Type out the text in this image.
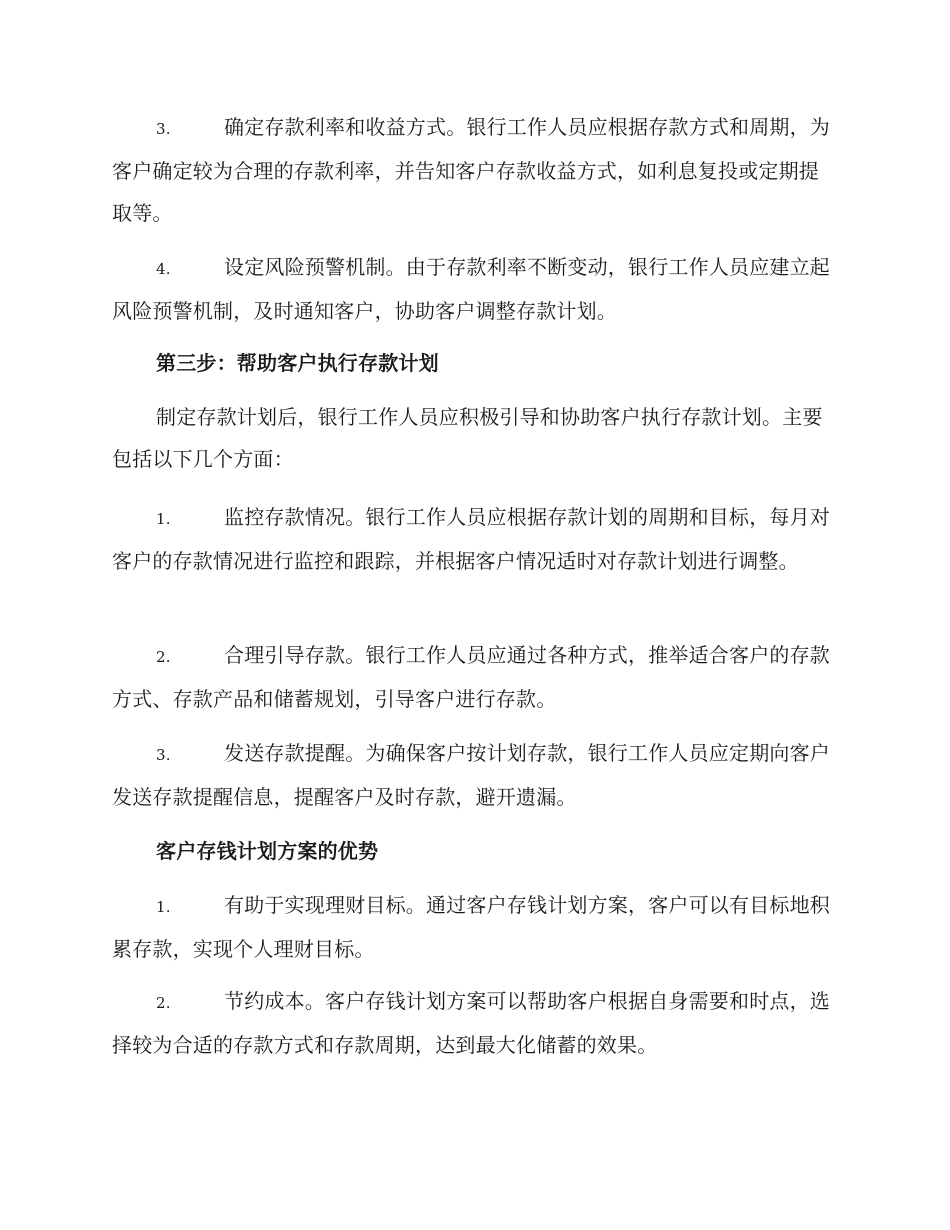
3.	确定存款利率和收益方式。银行工作人员应根据存款方式和周期，为客户确定较为合理的存款利率，并告知客户存款收益方式，如利息复投或定期提取等。
4.	设定风险预警机制。由于存款利率不断变动，银行工作人员应建立起风险预警机制，及时通知客户，协助客户调整存款计划。
第三步：帮助客户执行存款计划
制定存款计划后，银行工作人员应积极引导和协助客户执行存款计划。主要包括以下几个方面：
1.	监控存款情况。银行工作人员应根据存款计划的周期和目标，每月对客户的存款情况进行监控和跟踪，并根据客户情况适时对存款计划进行调整。
2.	合理引导存款。银行工作人员应通过各种方式，推举适合客户的存款方式、存款产品和储蓄规划，引导客户进行存款。
3.	发送存款提醒。为确保客户按计划存款，银行工作人员应定期向客户发送存款提醒信息，提醒客户及时存款，避开遗漏。
客户存钱计划方案的优势
1.	有助于实现理财目标。通过客户存钱计划方案，客户可以有目标地积累存款，实现个人理财目标。
2.	节约成本。客户存钱计划方案可以帮助客户根据自身需要和时点，选择较为合适的存款方式和存款周期，达到最大化储蓄的效果。
